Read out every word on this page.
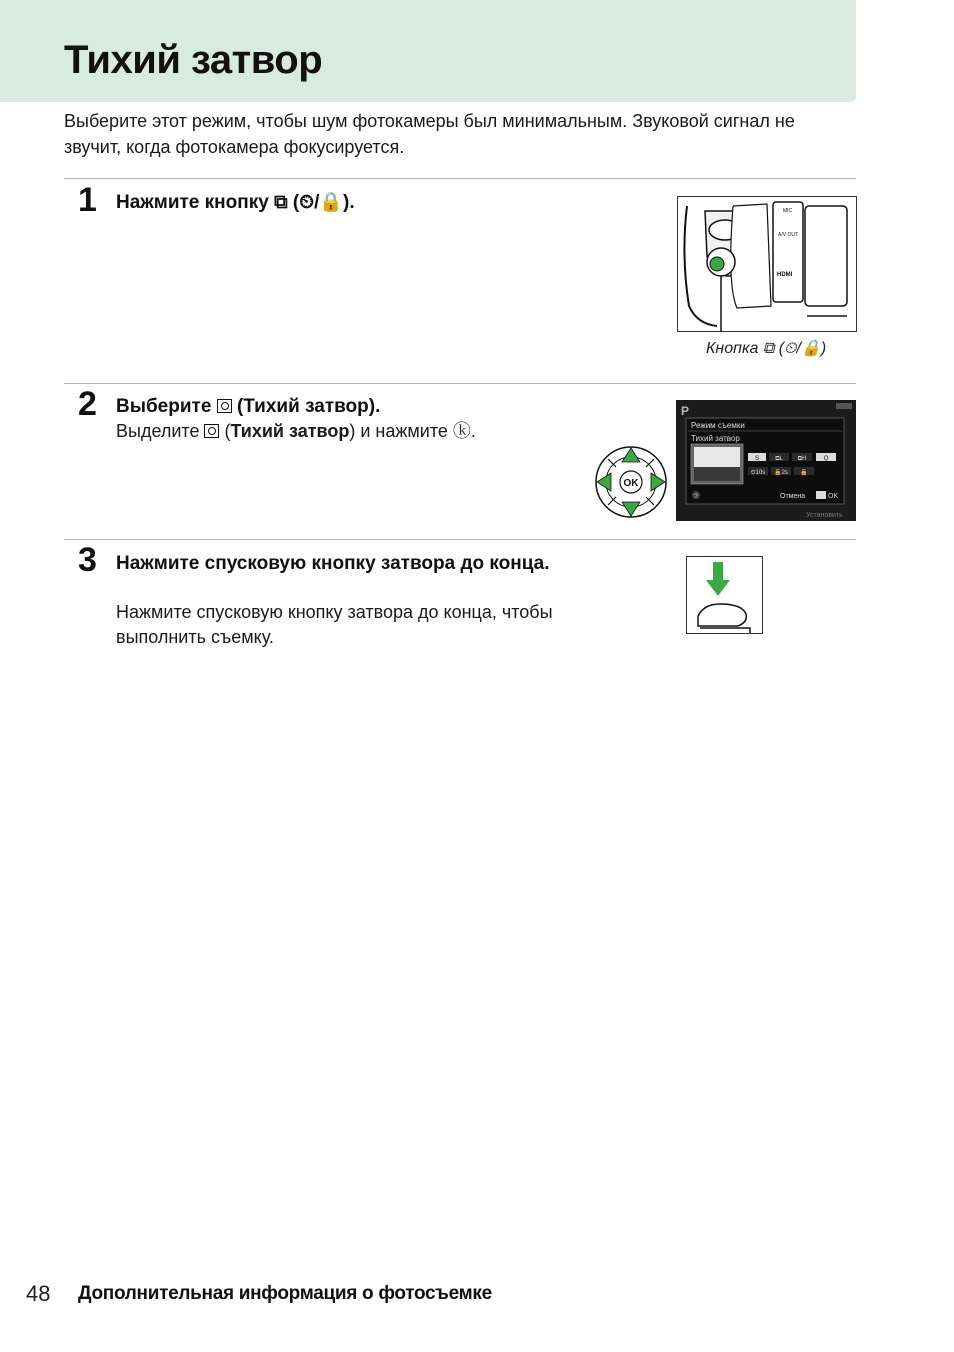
Тихий затвор

Выберите этот режим, чтобы шум фотокамеры был минимальным. Звуковой сигнал не звучит, когда фотокамера фокусируется.

1 Нажмите кнопку ⧉ (⏲/🔒).	MIC
A/V OUT
HDMI
Кнопка ⧉ (⏲/🔒)
2 Выберите  (Тихий затвор).
Выделите  (Тихий затвор) и нажмите ⓚ.
OK
P
Режим съемки
Тихий затвор
S	⧉L ⧉H	Q
⏲10s 🔒2s 🔒
?	Отмена	OK
Установить
3 Нажмите спусковую кнопку затвора до конца.
Нажмите спусковую кнопку затвора до конца, чтобы выполнить съемку.
48 Дополнительная информация о фотосъемке
